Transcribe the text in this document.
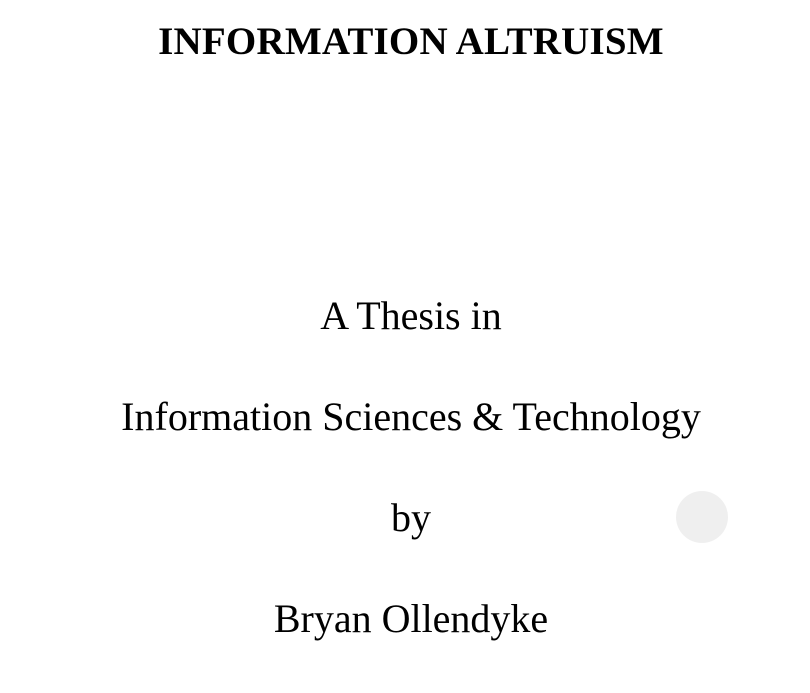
INFORMATION ALTRUISM
A Thesis in
Information Sciences & Technology
by
Bryan Ollendyke
